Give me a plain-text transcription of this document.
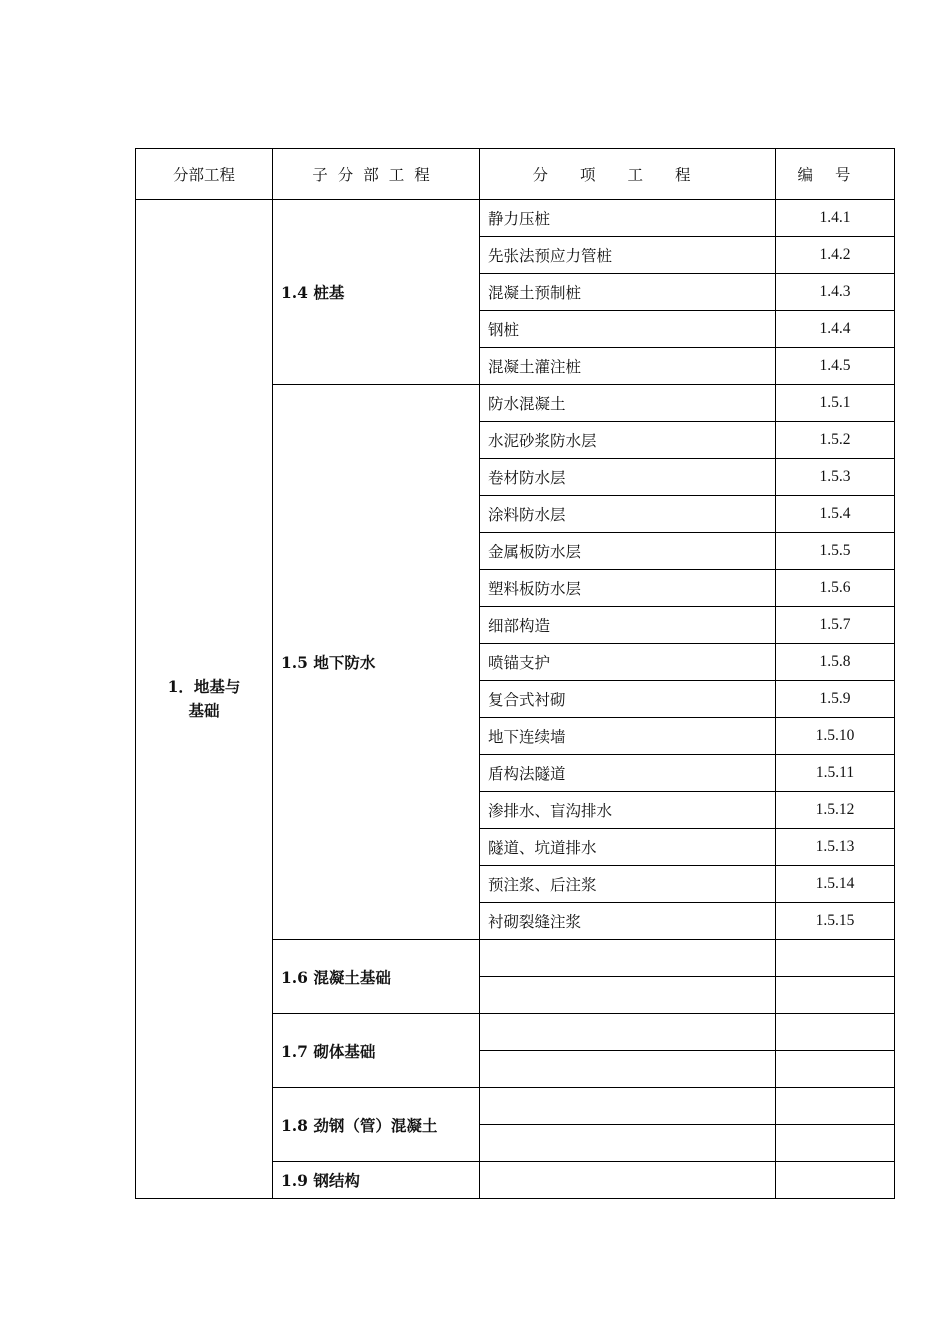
分部工程	子分部工程	分项工程	编号

1．地基与
基础	1.4 桩基	静力压桩	1.4.1
		先张法预应力管桩	1.4.2
		混凝土预制桩	1.4.3
		钢桩	1.4.4
		混凝土灌注桩	1.4.5
	1.5 地下防水	防水混凝土	1.5.1
		水泥砂浆防水层	1.5.2
		卷材防水层	1.5.3
		涂料防水层	1.5.4
		金属板防水层	1.5.5
		塑料板防水层	1.5.6
		细部构造	1.5.7
		喷锚支护	1.5.8
		复合式衬砌	1.5.9
		地下连续墙	1.5.10
		盾构法隧道	1.5.11
		渗排水、盲沟排水	1.5.12
		隧道、坑道排水	1.5.13
		预注浆、后注浆	1.5.14
		衬砌裂缝注浆	1.5.15
	1.6 混凝土基础		

	1.7 砌体基础		

	1.8 劲钢（管）混凝土		

	1.9 钢结构		
